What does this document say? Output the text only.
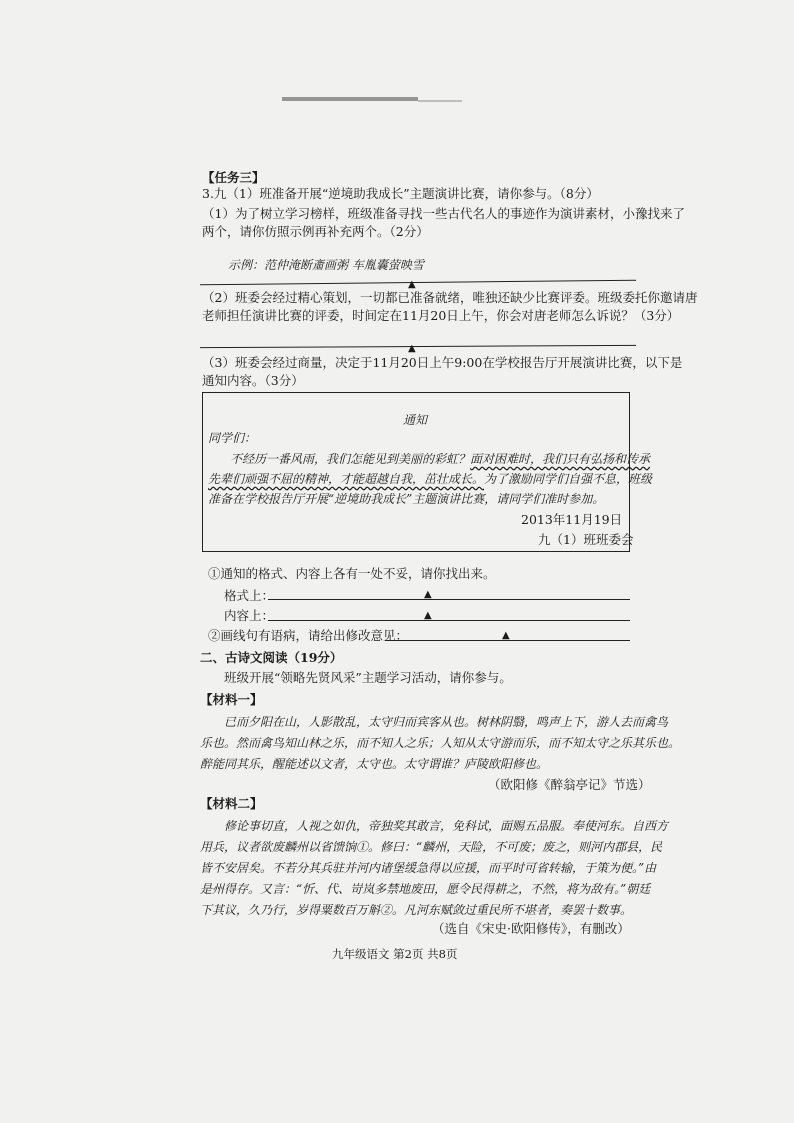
【任务三】
3.九（1）班准备开展“逆境助我成长”主题演讲比赛，请你参与。（8分）
（1）为了树立学习榜样，班级准备寻找一些古代名人的事迹作为演讲素材，小豫找来了
两个，请你仿照示例再补充两个。（2分）
示例：范仲淹断齑画粥 车胤囊萤映雪
▲
（2）班委会经过精心策划，一切都已准备就绪，唯独还缺少比赛评委。班级委托你邀请唐
老师担任演讲比赛的评委，时间定在11月20日上午，你会对唐老师怎么诉说？（3分）
▲
（3）班委会经过商量，决定于11月20日上午9:00在学校报告厅开展演讲比赛，以下是
通知内容。（3分）
通知
同学们：
不经历一番风雨，我们怎能见到美丽的彩虹？面对困难时，我们只有弘扬和传承
先辈们顽强不屈的精神，才能超越自我，茁壮成长。为了激励同学们自强不息，班级
准备在学校报告厅开展“逆境助我成长”主题演讲比赛，请同学们准时参加。
2013年11月19日
九（1）班班委会
①通知的格式、内容上各有一处不妥，请你找出来。
格式上：	▲
内容上：	▲
②画线句有语病，请给出修改意见：	▲
二、古诗文阅读（19分）
班级开展“领略先贤风采”主题学习活动，请你参与。
【材料一】
已而夕阳在山，人影散乱，太守归而宾客从也。树林阴翳，鸣声上下，游人去而禽鸟
乐也。然而禽鸟知山林之乐，而不知人之乐；人知从太守游而乐，而不知太守之乐其乐也。
醉能同其乐，醒能述以文者，太守也。太守谓谁？庐陵欧阳修也。
（欧阳修《醉翁亭记》节选）
【材料二】
修论事切直，人视之如仇，帝独奖其敢言，免科试，面赐五品服。奉使河东。自西方
用兵，议者欲废麟州以省馈饷①。修曰：“麟州，天险，不可废；废之，则河内郡县，民
皆不安居矣。不若分其兵驻并河内诸堡缓急得以应援，而平时可省转输，于策为便。”由
是州得存。又言：“忻、代、岢岚多禁地废田，愿令民得耕之，不然，将为敌有。”朝廷
下其议，久乃行，岁得粟数百万斛②。凡河东赋敛过重民所不堪者，奏罢十数事。
（选自《宋史·欧阳修传》，有删改）
九年级语文 第2页 共8页
